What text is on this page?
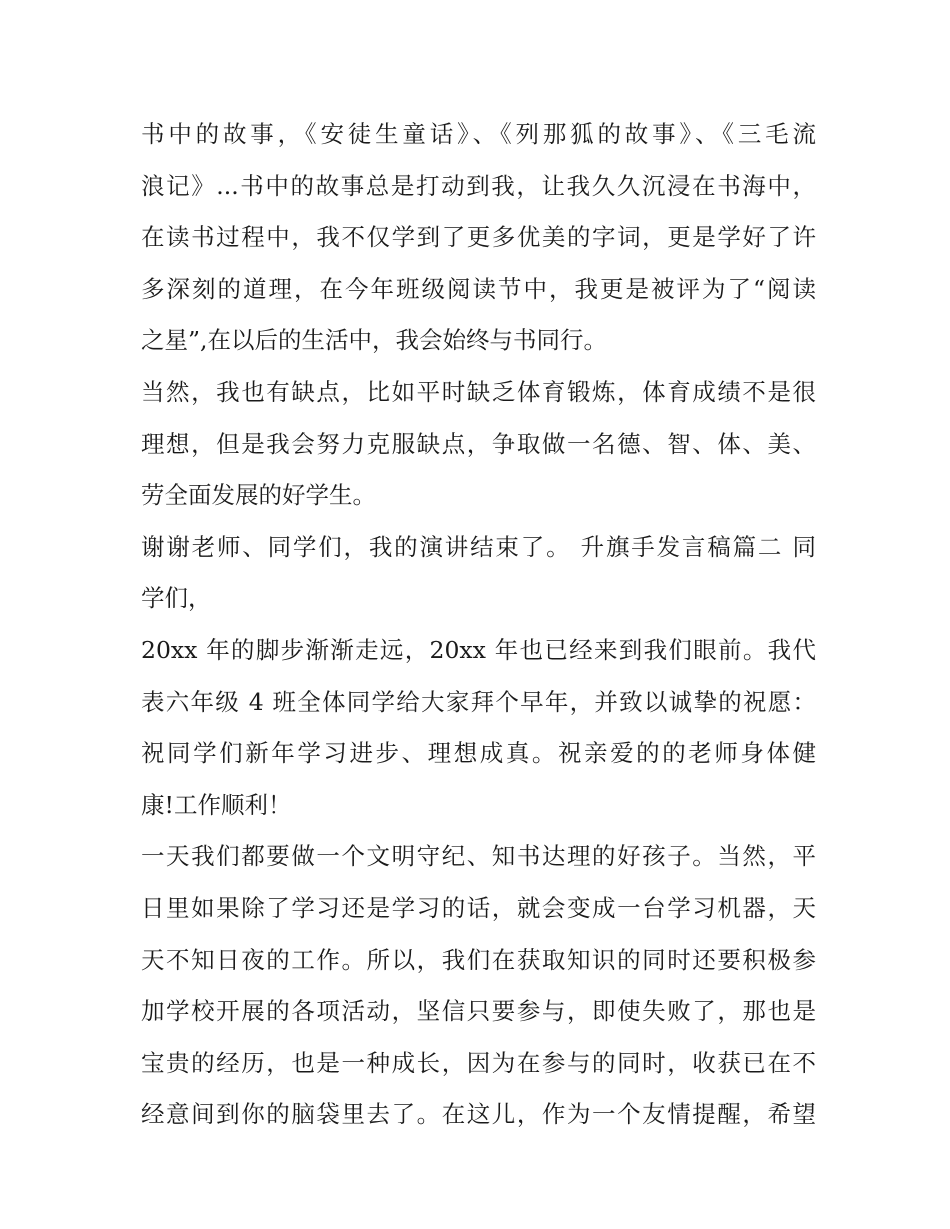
书中的故事，《安徒生童话》、《列那狐的故事》、《三毛流
浪记》...书中的故事总是打动到我，让我久久沉浸在书海中，
在读书过程中，我不仅学到了更多优美的字词，更是学好了许
多深刻的道理，在今年班级阅读节中，我更是被评为了“阅读
之星”,在以后的生活中，我会始终与书同行。
当然，我也有缺点，比如平时缺乏体育锻炼，体育成绩不是很
理想，但是我会努力克服缺点，争取做一名德、智、体、美、
劳全面发展的好学生。
谢谢老师、同学们，我的演讲结束了。 升旗手发言稿篇二 同
学们，
20xx 年的脚步渐渐走远，20xx 年也已经来到我们眼前。我代
表六年级 4 班全体同学给大家拜个早年，并致以诚挚的祝愿：
祝同学们新年学习进步、理想成真。祝亲爱的的老师身体健
康!工作顺利！
一天我们都要做一个文明守纪、知书达理的好孩子。当然，平
日里如果除了学习还是学习的话，就会变成一台学习机器，天
天不知日夜的工作。所以，我们在获取知识的同时还要积极参
加学校开展的各项活动，坚信只要参与，即使失败了，那也是
宝贵的经历，也是一种成长，因为在参与的同时，收获已在不
经意间到你的脑袋里去了。在这儿，作为一个友情提醒，希望
